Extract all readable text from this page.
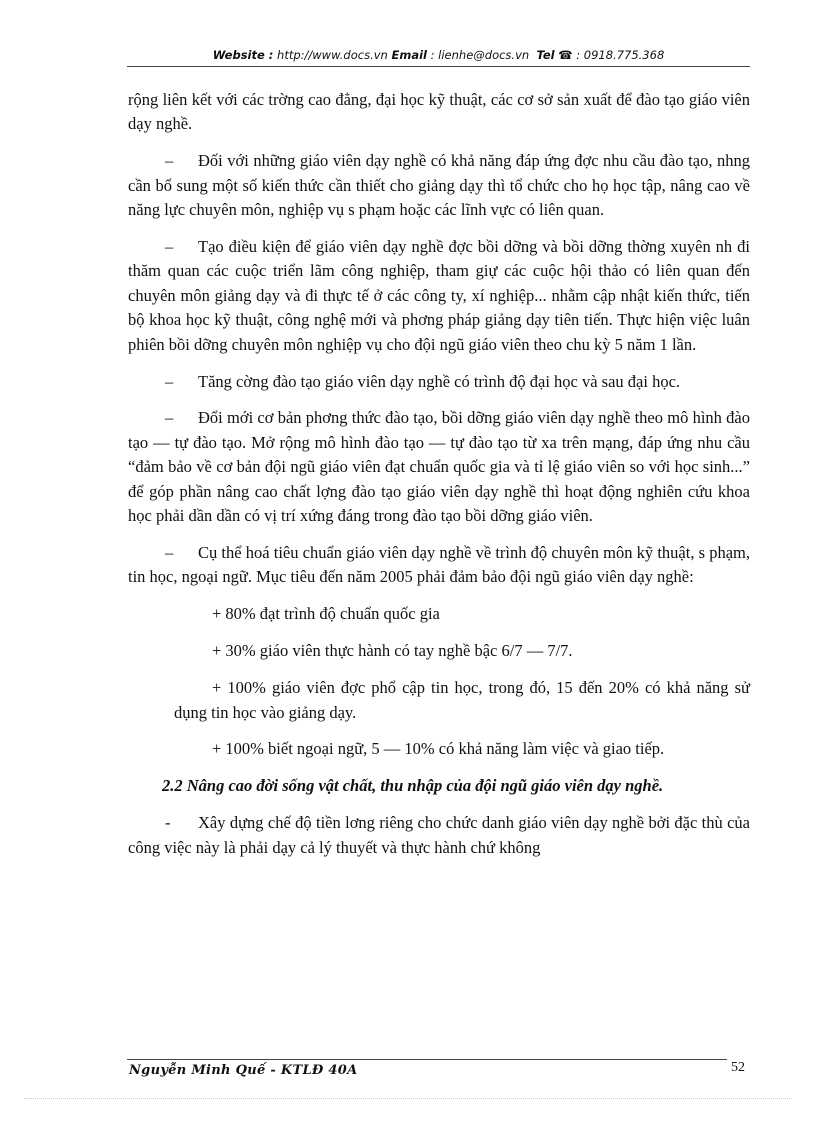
Website : http://www.docs.vn Email : lienhe@docs.vn Tel ☎ : 0918.775.368

rộng liên kết với các trờng cao đẳng, đại học kỹ thuật, các cơ sở sản xuất để đào tạo giáo viên dạy nghề.

– Đối với những giáo viên dạy nghề có khả năng đáp ứng đợc nhu cầu đào tạo, nhng cần bổ sung một số kiến thức cần thiết cho giảng dạy thì tổ chức cho họ học tập, nâng cao về năng lực chuyên môn, nghiệp vụ s phạm hoặc các lĩnh vực có liên quan.

– Tạo điều kiện để giáo viên dạy nghề đợc bồi dỡng và bồi dỡng thờng xuyên nh đi thăm quan các cuộc triển lãm công nghiệp, tham giự các cuộc hội thảo có liên quan đến chuyên môn giảng dạy và đi thực tế ở các công ty, xí nghiệp... nhằm cập nhật kiến thức, tiến bộ khoa học kỹ thuật, công nghệ mới và phơng pháp giảng dạy tiên tiến. Thực hiện việc luân phiên bồi dỡng chuyên môn nghiệp vụ cho đội ngũ giáo viên theo chu kỳ 5 năm 1 lần.

– Tăng cờng đào tạo giáo viên dạy nghề có trình độ đại học và sau đại học.

– Đổi mới cơ bản phơng thức đào tạo, bồi dỡng giáo viên dạy nghề theo mô hình đào tạo — tự đào tạo. Mở rộng mô hình đào tạo — tự đào tạo từ xa trên mạng, đáp ứng nhu cầu “đảm bảo về cơ bản đội ngũ giáo viên đạt chuẩn quốc gia và tỉ lệ giáo viên so với học sinh...” để góp phần nâng cao chất lợng đào tạo giáo viên dạy nghề thì hoạt động nghiên cứu khoa học phải dần dần có vị trí xứng đáng trong đào tạo bồi dỡng giáo viên.

– Cụ thể hoá tiêu chuẩn giáo viên dạy nghề về trình độ chuyên môn kỹ thuật, s phạm, tin học, ngoại ngữ. Mục tiêu đến năm 2005 phải đảm bảo đội ngũ giáo viên dạy nghề:

+ 80% đạt trình độ chuẩn quốc gia

+ 30% giáo viên thực hành có tay nghề bậc 6/7 — 7/7.

+ 100% giáo viên đợc phổ cập tin học, trong đó, 15 đến 20% có khả năng sử dụng tin học vào giảng dạy.

+ 100% biết ngoại ngữ, 5 — 10% có khả năng làm việc và giao tiếp.

2.2 Nâng cao đời sống vật chất, thu nhập của đội ngũ giáo viên dạy nghề.

- Xây dựng chế độ tiền lơng riêng cho chức danh giáo viên dạy nghề bởi đặc thù của công việc này là phải dạy cả lý thuyết và thực hành chứ không

Nguyễn Minh Quế - KTLĐ 40A	52
